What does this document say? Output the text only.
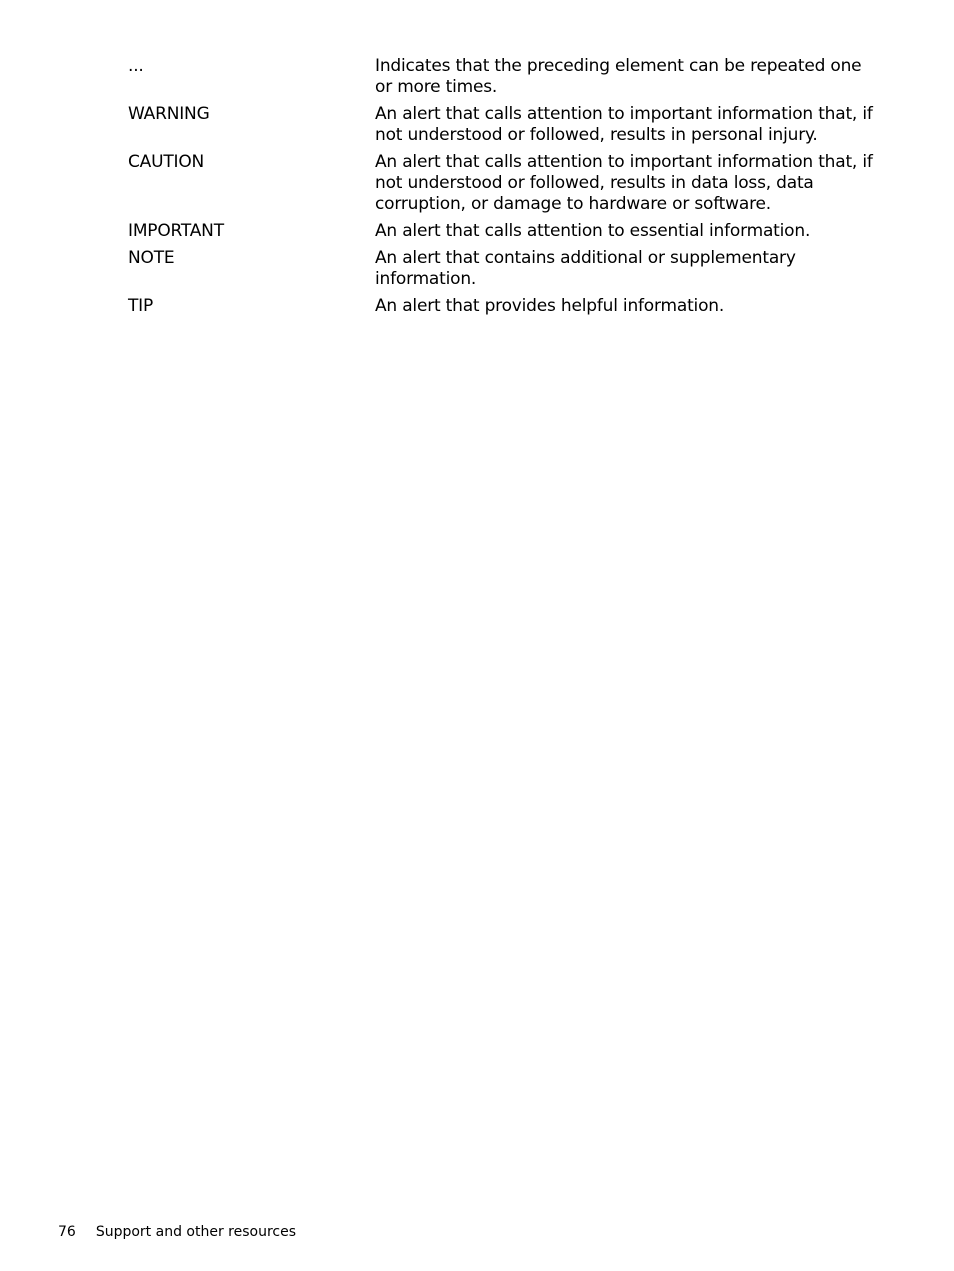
...	Indicates that the preceding element can be repeated one or more times.
WARNING	An alert that calls attention to important information that, if not understood or followed, results in personal injury.
CAUTION	An alert that calls attention to important information that, if not understood or followed, results in data loss, data corruption, or damage to hardware or software.
IMPORTANT	An alert that calls attention to essential information.
NOTE	An alert that contains additional or supplementary information.
TIP	An alert that provides helpful information.
76 Support and other resources
